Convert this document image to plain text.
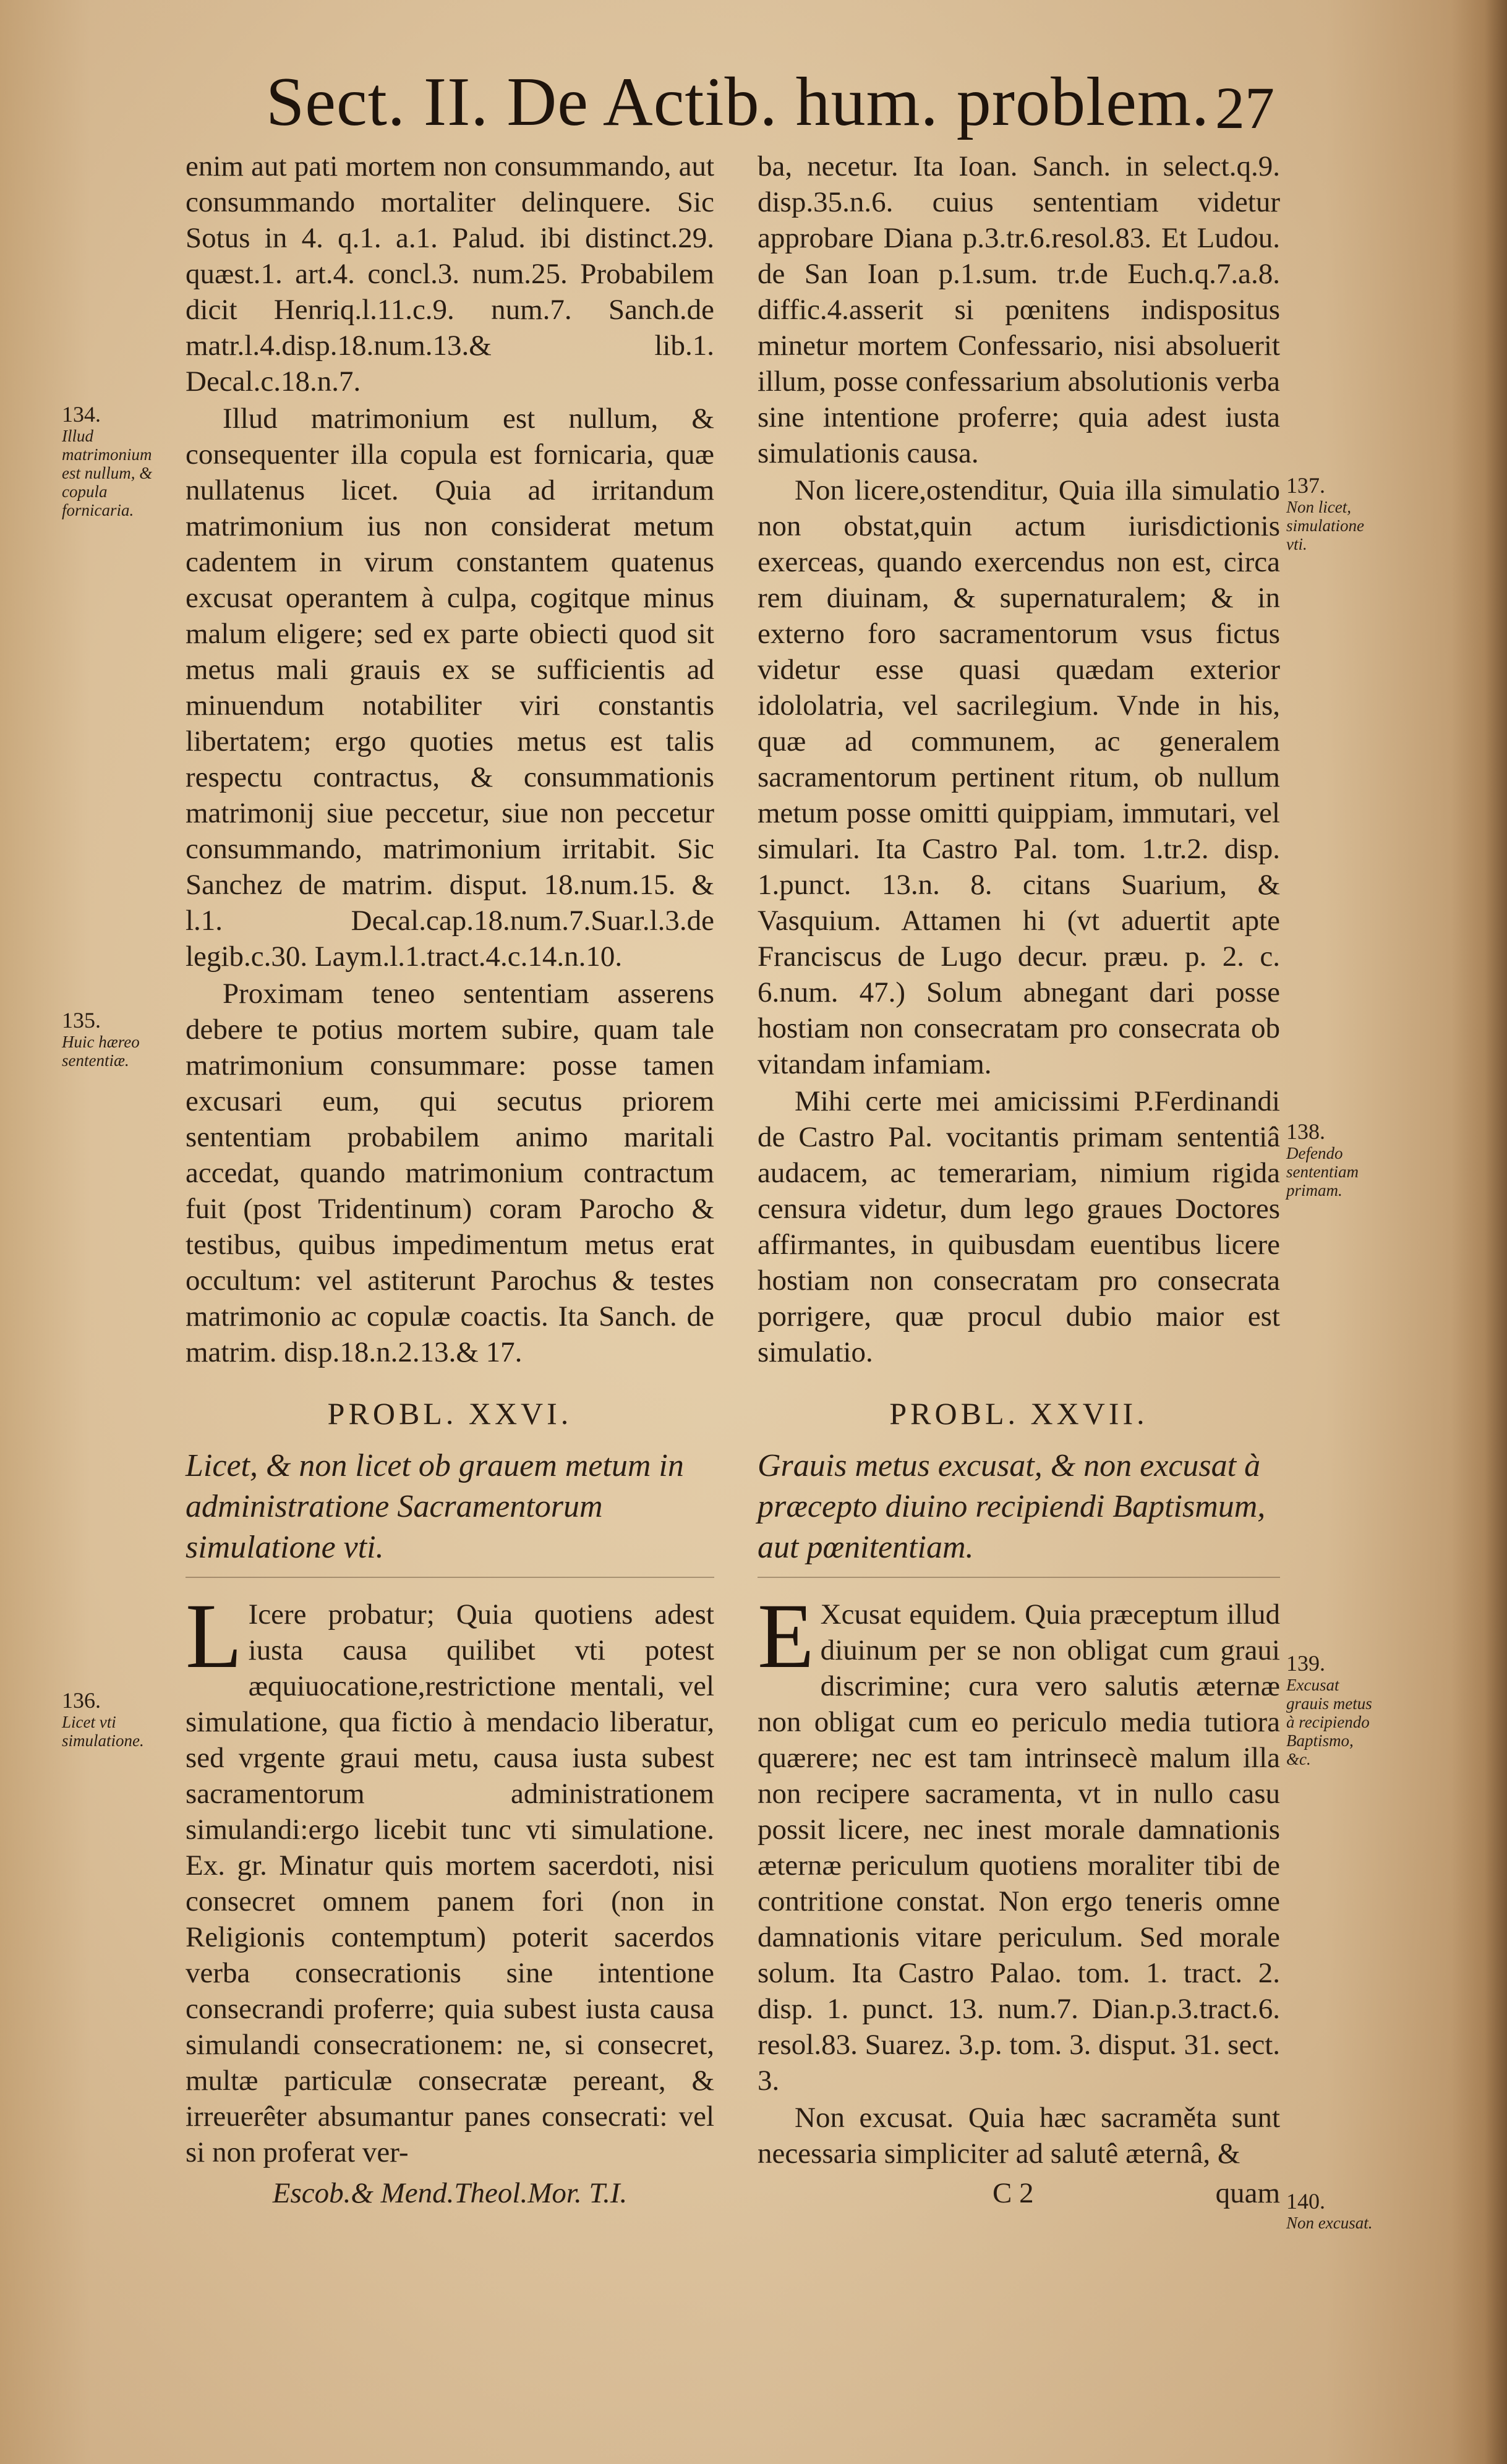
Sect. II. De Actib. hum. problem. 27

enim aut pati mortem non consummando, aut consummando mortaliter delinquere. Sic Sotus in 4. q.1. a.1. Palud. ibi distinct.29. quæst.1. art.4. concl.3. num.25. Probabilem dicit Henriq.l.11.c.9. num.7. Sanch.de matr.l.4.disp.18.num.13.& lib.1. Decal.c.18.n.7.

Illud matrimonium est nullum, & consequenter illa copula est fornicaria, quæ nullatenus licet. Quia ad irritandum matrimonium ius non considerat metum cadentem in virum constantem quatenus excusat operantem à culpa, cogitque minus malum eligere; sed ex parte obiecti quod sit metus mali grauis ex se sufficientis ad minuendum notabiliter viri constantis libertatem; ergo quoties metus est talis respectu contractus, & consummationis matrimonij siue peccetur, siue non peccetur consummando, matrimonium irritabit. Sic Sanchez de matrim. disput. 18.num.15. & l.1. Decal.cap.18.num.7.Suar.l.3.de legib.c.30. Laym.l.1.tract.4.c.14.n.10.

Proximam teneo sententiam asserens debere te potius mortem subire, quam tale matrimonium consummare: posse tamen excusari eum, qui secutus priorem sententiam probabilem animo maritali accedat, quando matrimonium contractum fuit (post Tridentinum) coram Parocho & testibus, quibus impedimentum metus erat occultum: vel astiterunt Parochus & testes matrimonio ac copulæ coactis. Ita Sanch. de matrim. disp.18.n.2.13.& 17.

PROBL. XXVI.
Licet, & non licet ob grauem metum in administratione Sacramentorum simulatione vti.

L Icere probatur; Quia quotiens adest iusta causa quilibet vti potest æquiuocatione,restrictione mentali, vel simulatione, qua fictio à mendacio liberatur, sed vrgente graui metu, causa iusta subest sacramentorum administrationem simulandi:ergo licebit tunc vti simulatione. Ex. gr. Minatur quis mortem sacerdoti, nisi consecret omnem panem fori (non in Religionis contemptum) poterit sacerdos verba consecrationis sine intentione consecrandi proferre; quia subest iusta causa simulandi consecrationem: ne, si consecret, multæ particulæ consecratæ pereant, & irreuerêter absumantur panes consecrati: vel si non proferat ver-

Escob.& Mend.Theol.Mor. T.I.

ba, necetur. Ita Ioan. Sanch. in select.q.9. disp.35.n.6. cuius sententiam videtur approbare Diana p.3.tr.6.resol.83. Et Ludou. de San Ioan p.1.sum. tr.de Euch.q.7.a.8. diffic.4.asserit si pœnitens indispositus minetur mortem Confessario, nisi absoluerit illum, posse confessarium absolutionis verba sine intentione proferre; quia adest iusta simulationis causa.

Non licere,ostenditur, Quia illa simulatio non obstat,quin actum iurisdictionis exerceas, quando exercendus non est, circa rem diuinam, & supernaturalem; & in externo foro sacramentorum vsus fictus videtur esse quasi quædam exterior idololatria, vel sacrilegium. Vnde in his, quæ ad communem, ac generalem sacramentorum pertinent ritum, ob nullum metum posse omitti quippiam, immutari, vel simulari. Ita Castro Pal. tom. 1.tr.2. disp. 1.punct. 13.n. 8. citans Suarium, & Vasquium. Attamen hi (vt aduertit apte Franciscus de Lugo decur. præu. p. 2. c. 6.num. 47.) Solum abnegant dari posse hostiam non consecratam pro consecrata ob vitandam infamiam.

Mihi certe mei amicissimi P.Ferdinandi de Castro Pal. vocitantis primam sententiâ audacem, ac temerariam, nimium rigida censura videtur, dum lego graues Doctores affirmantes, in quibusdam euentibus licere hostiam non consecratam pro consecrata porrigere, quæ procul dubio maior est simulatio.

PROBL. XXVII.
Grauis metus excusat, & non excusat à præcepto diuino recipiendi Baptismum, aut pœnitentiam.

E Xcusat equidem. Quia præceptum illud diuinum per se non obligat cum graui discrimine; cura vero salutis æternæ non obligat cum eo periculo media tutiora quærere; nec est tam intrinsecè malum illa non recipere sacramenta, vt in nullo casu possit licere, nec inest morale damnationis æternæ periculum quotiens moraliter tibi de contritione constat. Non ergo teneris omne damnationis vitare periculum. Sed morale solum. Ita Castro Palao. tom. 1. tract. 2. disp. 1. punct. 13. num.7. Dian.p.3.tract.6. resol.83. Suarez. 3.p. tom. 3. disput. 31. sect. 3.

Non excusat. Quia hæc sacraměta sunt necessaria simpliciter ad salutê æternâ, &

C 2	quam
134.
Illud matrimonium est nullum, & copula fornicaria.
135.
Huic hæreo sententiæ.
136.
Licet vti simulatione.
137.
Non licet, simulatione vti.
138.
Defendo sententiam primam.
139.
Excusat grauis metus à recipiendo Baptismo, &c.
140.
Non excusat.
